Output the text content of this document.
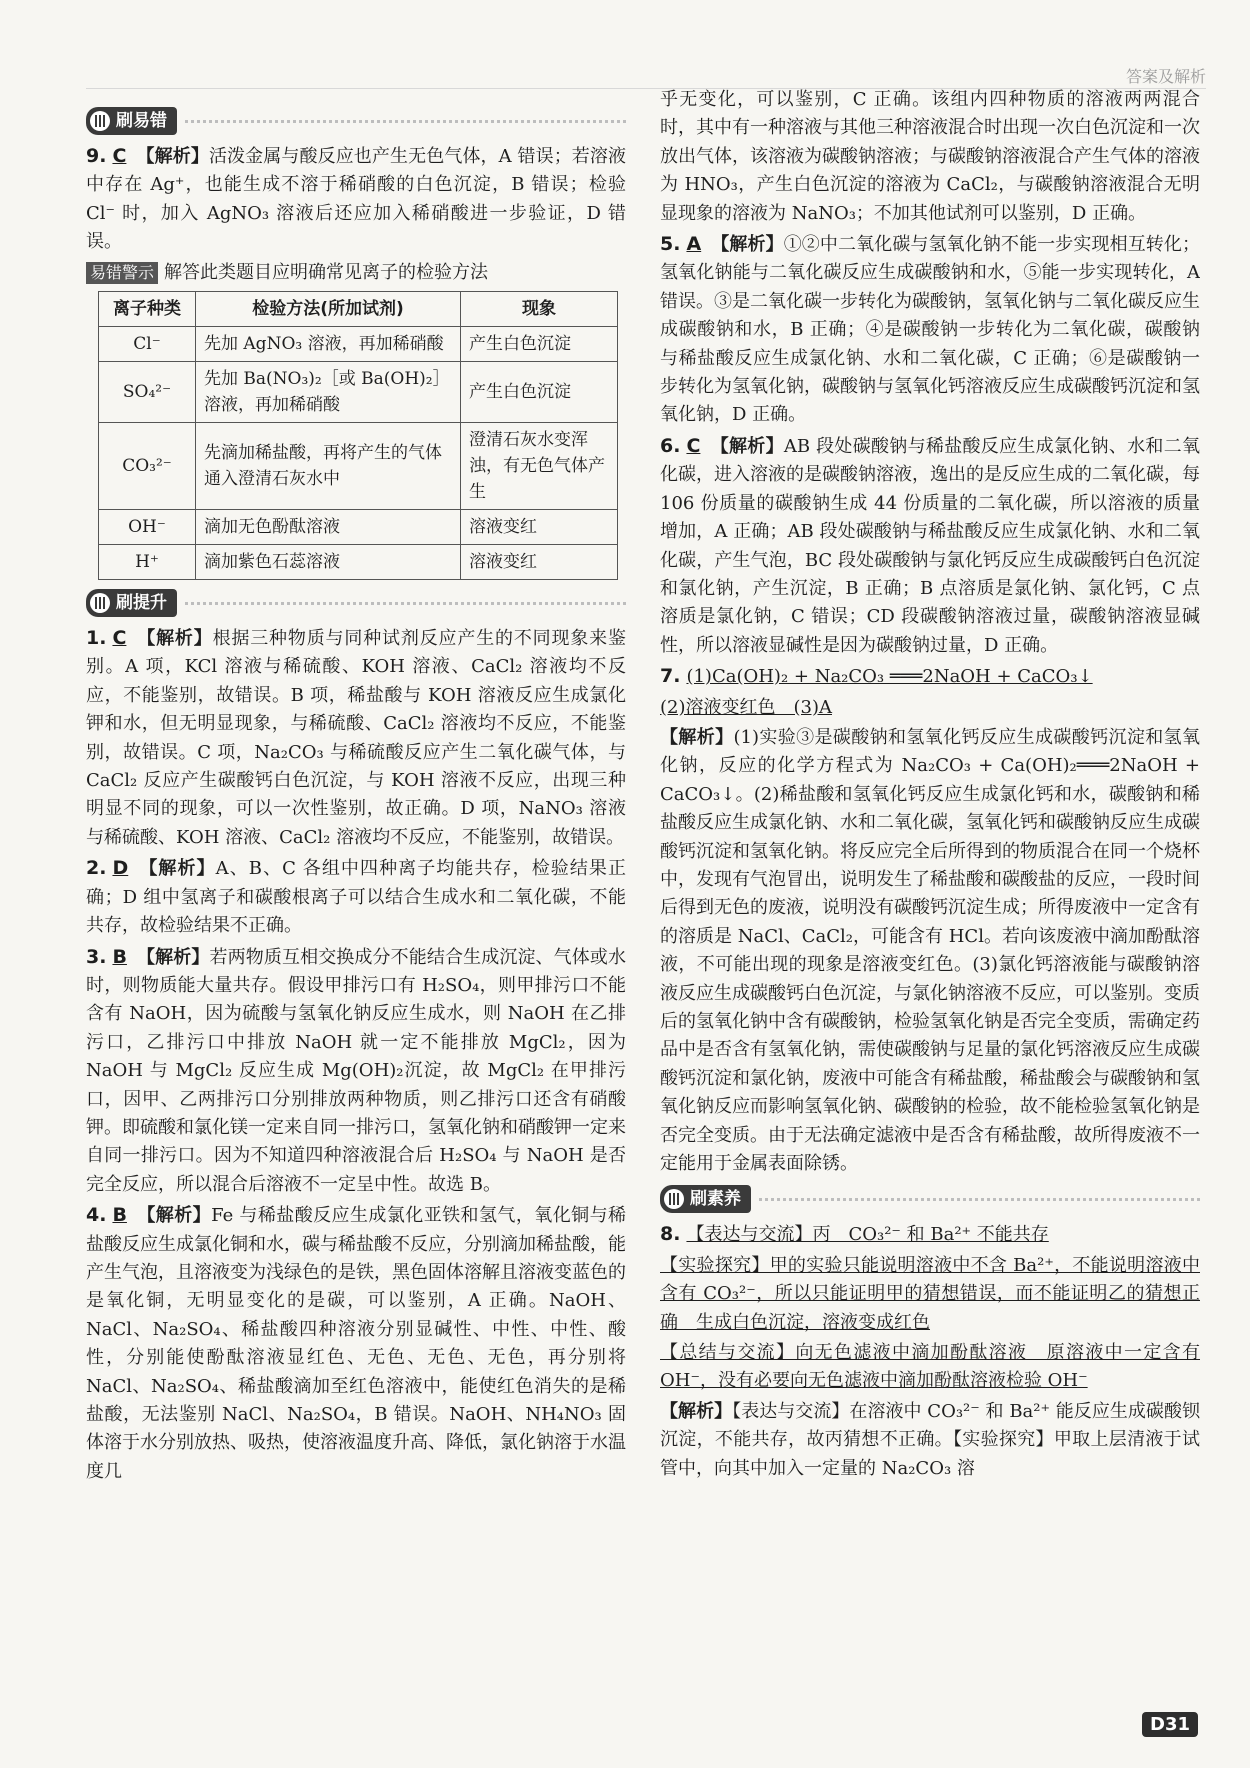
答案及解析
刷易错
9. C 【解析】活泼金属与酸反应也产生无色气体，A 错误；若溶液中存在 Ag⁺，也能生成不溶于稀硝酸的白色沉淀，B 错误；检验 Cl⁻ 时，加入 AgNO₃ 溶液后还应加入稀硝酸进一步验证，D 错误。
易错警示 解答此类题目应明确常见离子的检验方法
离子种类	检验方法(所加试剂)	现象
Cl⁻	先加 AgNO₃ 溶液，再加稀硝酸	产生白色沉淀
SO₄²⁻	先加 Ba(NO₃)₂［或 Ba(OH)₂］溶液，再加稀硝酸	产生白色沉淀
CO₃²⁻	先滴加稀盐酸，再将产生的气体通入澄清石灰水中	澄清石灰水变浑浊，有无色气体产生
OH⁻	滴加无色酚酞溶液	溶液变红
H⁺	滴加紫色石蕊溶液	溶液变红
刷提升
1. C 【解析】根据三种物质与同种试剂反应产生的不同现象来鉴别。A 项，KCl 溶液与稀硫酸、KOH 溶液、CaCl₂ 溶液均不反应，不能鉴别，故错误。B 项，稀盐酸与 KOH 溶液反应生成氯化钾和水，但无明显现象，与稀硫酸、CaCl₂ 溶液均不反应，不能鉴别，故错误。C 项，Na₂CO₃ 与稀硫酸反应产生二氧化碳气体，与 CaCl₂ 反应产生碳酸钙白色沉淀，与 KOH 溶液不反应，出现三种明显不同的现象，可以一次性鉴别，故正确。D 项，NaNO₃ 溶液与稀硫酸、KOH 溶液、CaCl₂ 溶液均不反应，不能鉴别，故错误。
2. D 【解析】A、B、C 各组中四种离子均能共存，检验结果正确；D 组中氢离子和碳酸根离子可以结合生成水和二氧化碳，不能共存，故检验结果不正确。
3. B 【解析】若两物质互相交换成分不能结合生成沉淀、气体或水时，则物质能大量共存。假设甲排污口有 H₂SO₄，则甲排污口不能含有 NaOH，因为硫酸与氢氧化钠反应生成水，则 NaOH 在乙排污口，乙排污口中排放 NaOH 就一定不能排放 MgCl₂，因为 NaOH 与 MgCl₂ 反应生成 Mg(OH)₂沉淀，故 MgCl₂ 在甲排污口，因甲、乙两排污口分别排放两种物质，则乙排污口还含有硝酸钾。即硫酸和氯化镁一定来自同一排污口，氢氧化钠和硝酸钾一定来自同一排污口。因为不知道四种溶液混合后 H₂SO₄ 与 NaOH 是否完全反应，所以混合后溶液不一定呈中性。故选 B。
4. B 【解析】Fe 与稀盐酸反应生成氯化亚铁和氢气，氧化铜与稀盐酸反应生成氯化铜和水，碳与稀盐酸不反应，分别滴加稀盐酸，能产生气泡，且溶液变为浅绿色的是铁，黑色固体溶解且溶液变蓝色的是氧化铜，无明显变化的是碳，可以鉴别，A 正确。NaOH、NaCl、Na₂SO₄、稀盐酸四种溶液分别显碱性、中性、中性、酸性，分别能使酚酞溶液显红色、无色、无色、无色，再分别将 NaCl、Na₂SO₄、稀盐酸滴加至红色溶液中，能使红色消失的是稀盐酸，无法鉴别 NaCl、Na₂SO₄，B 错误。NaOH、NH₄NO₃ 固体溶于水分别放热、吸热，使溶液温度升高、降低，氯化钠溶于水温度几
乎无变化，可以鉴别，C 正确。该组内四种物质的溶液两两混合时，其中有一种溶液与其他三种溶液混合时出现一次白色沉淀和一次放出气体，该溶液为碳酸钠溶液；与碳酸钠溶液混合产生气体的溶液为 HNO₃，产生白色沉淀的溶液为 CaCl₂，与碳酸钠溶液混合无明显现象的溶液为 NaNO₃；不加其他试剂可以鉴别，D 正确。
5. A 【解析】①②中二氧化碳与氢氧化钠不能一步实现相互转化；氢氧化钠能与二氧化碳反应生成碳酸钠和水，⑤能一步实现转化，A 错误。③是二氧化碳一步转化为碳酸钠，氢氧化钠与二氧化碳反应生成碳酸钠和水，B 正确；④是碳酸钠一步转化为二氧化碳，碳酸钠与稀盐酸反应生成氯化钠、水和二氧化碳，C 正确；⑥是碳酸钠一步转化为氢氧化钠，碳酸钠与氢氧化钙溶液反应生成碳酸钙沉淀和氢氧化钠，D 正确。
6. C 【解析】AB 段处碳酸钠与稀盐酸反应生成氯化钠、水和二氧化碳，进入溶液的是碳酸钠溶液，逸出的是反应生成的二氧化碳，每 106 份质量的碳酸钠生成 44 份质量的二氧化碳，所以溶液的质量增加，A 正确；AB 段处碳酸钠与稀盐酸反应生成氯化钠、水和二氧化碳，产生气泡，BC 段处碳酸钠与氯化钙反应生成碳酸钙白色沉淀和氯化钠，产生沉淀，B 正确；B 点溶质是氯化钠、氯化钙，C 点溶质是氯化钠，C 错误；CD 段碳酸钠溶液过量，碳酸钠溶液显碱性，所以溶液显碱性是因为碳酸钠过量，D 正确。
7. (1)Ca(OH)₂ + Na₂CO₃ ═══2NaOH + CaCO₃↓
(2)溶液变红色　(3)A
【解析】(1)实验③是碳酸钠和氢氧化钙反应生成碳酸钙沉淀和氢氧化钠，反应的化学方程式为 Na₂CO₃ + Ca(OH)₂═══2NaOH + CaCO₃↓。(2)稀盐酸和氢氧化钙反应生成氯化钙和水，碳酸钠和稀盐酸反应生成氯化钠、水和二氧化碳，氢氧化钙和碳酸钠反应生成碳酸钙沉淀和氢氧化钠。将反应完全后所得到的物质混合在同一个烧杯中，发现有气泡冒出，说明发生了稀盐酸和碳酸盐的反应，一段时间后得到无色的废液，说明没有碳酸钙沉淀生成；所得废液中一定含有的溶质是 NaCl、CaCl₂，可能含有 HCl。若向该废液中滴加酚酞溶液，不可能出现的现象是溶液变红色。(3)氯化钙溶液能与碳酸钠溶液反应生成碳酸钙白色沉淀，与氯化钠溶液不反应，可以鉴别。变质后的氢氧化钠中含有碳酸钠，检验氢氧化钠是否完全变质，需确定药品中是否含有氢氧化钠，需使碳酸钠与足量的氯化钙溶液反应生成碳酸钙沉淀和氯化钠，废液中可能含有稀盐酸，稀盐酸会与碳酸钠和氢氧化钠反应而影响氢氧化钠、碳酸钠的检验，故不能检验氢氧化钠是否完全变质。由于无法确定滤液中是否含有稀盐酸，故所得废液不一定能用于金属表面除锈。
刷素养
8. 【表达与交流】丙　CO₃²⁻ 和 Ba²⁺ 不能共存
【实验探究】甲的实验只能说明溶液中不含 Ba²⁺，不能说明溶液中含有 CO₃²⁻，所以只能证明甲的猜想错误，而不能证明乙的猜想正确　生成白色沉淀，溶液变成红色
【总结与交流】向无色滤液中滴加酚酞溶液　原溶液中一定含有 OH⁻，没有必要向无色滤液中滴加酚酞溶液检验 OH⁻
【解析】【表达与交流】在溶液中 CO₃²⁻ 和 Ba²⁺ 能反应生成碳酸钡沉淀，不能共存，故丙猜想不正确。【实验探究】甲取上层清液于试管中，向其中加入一定量的 Na₂CO₃ 溶
D31
